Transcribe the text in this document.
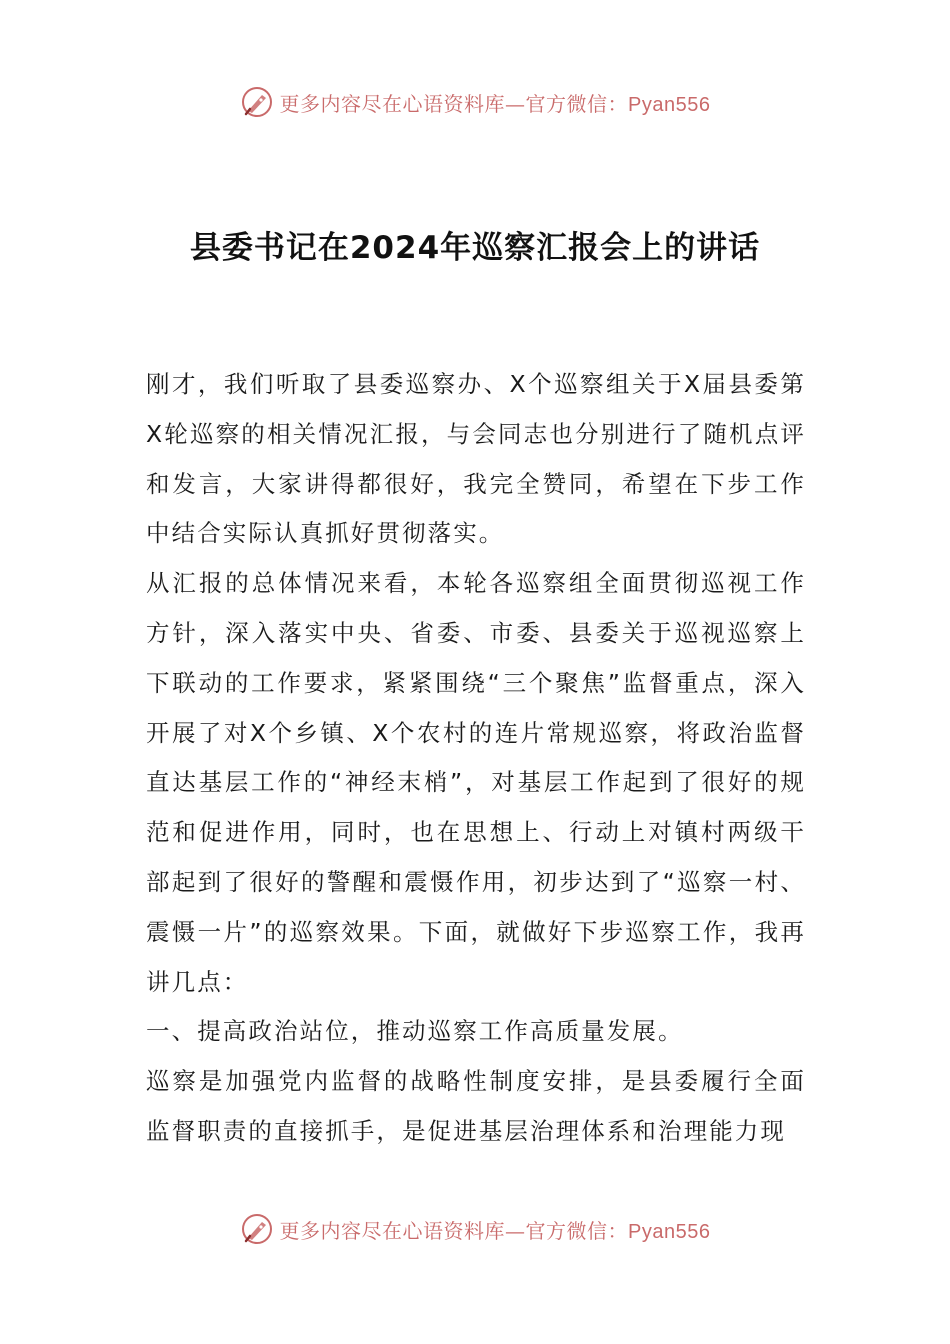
更多内容尽在心语资料库—官方微信：Pyan556
县委书记在2024年巡察汇报会上的讲话

刚才，我们听取了县委巡察办、X个巡察组关于X届县委第X轮巡察的相关情况汇报，与会同志也分别进行了随机点评和发言，大家讲得都很好，我完全赞同，希望在下步工作中结合实际认真抓好贯彻落实。

从汇报的总体情况来看，本轮各巡察组全面贯彻巡视工作方针，深入落实中央、省委、市委、县委关于巡视巡察上下联动的工作要求，紧紧围绕“三个聚焦”监督重点，深入开展了对X个乡镇、X个农村的连片常规巡察，将政治监督直达基层工作的“神经末梢”，对基层工作起到了很好的规范和促进作用，同时，也在思想上、行动上对镇村两级干部起到了很好的警醒和震慑作用，初步达到了“巡察一村、震慑一片”的巡察效果。下面，就做好下步巡察工作，我再讲几点：

一、提高政治站位，推动巡察工作高质量发展。

巡察是加强党内监督的战略性制度安排，是县委履行全面监督职责的直接抓手，是促进基层治理体系和治理能力现

更多内容尽在心语资料库—官方微信：Pyan556
